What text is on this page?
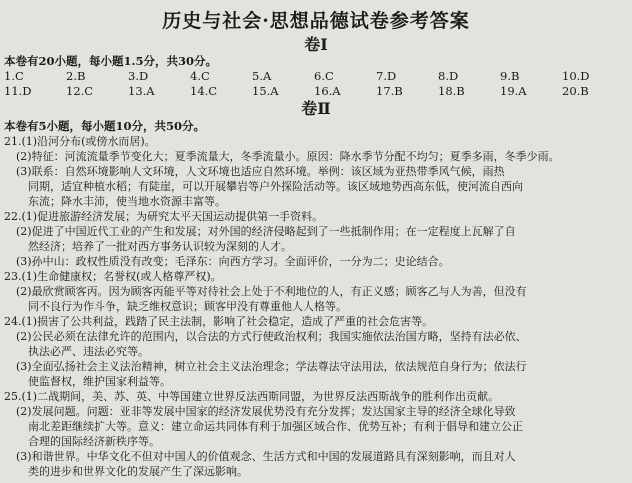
历史与社会·思想品德试卷参考答案
卷Ⅰ
本卷有20小题，每小题1.5分，共30分。
1.C	2.B	3.D	4.C	5.A	6.C	7.D	8.D	9.B	10.D
11.D	12.C	13.A	14.C	15.A	16.A	17.B	18.B	19.A	20.B
卷Ⅱ
本卷有5小题，每小题10分，共50分。
21.(1)沿河分布(或傍水而居)。
(2)特征：河流流量季节变化大；夏季流量大，冬季流量小。原因：降水季节分配不均匀；夏季多雨，冬季少雨。
(3)联系：自然环境影响人文环境，人文环境也适应自然环境。举例：该区域为亚热带季风气候，雨热
同期，适宜种植水稻；有陡崖，可以开展攀岩等户外探险活动等。该区域地势西高东低，使河流自西向
东流；降水丰沛，使当地水资源丰富等。
22.(1)促进旅游经济发展；为研究太平天国运动提供第一手资料。
(2)促进了中国近代工业的产生和发展；对外国的经济侵略起到了一些抵制作用；在一定程度上瓦解了自
然经济；培养了一批对西方事务认识较为深刻的人才。
(3)孙中山：政权性质没有改变；毛泽东：向西方学习。全面评价，一分为二；史论结合。
23.(1)生命健康权；名誉权(或人格尊严权)。
(2)最欣赏顾客丙。因为顾客丙能平等对待社会上处于不利地位的人，有正义感；顾客乙与人为善，但没有
同不良行为作斗争，缺乏维权意识；顾客甲没有尊重他人人格等。
24.(1)损害了公共利益，践踏了民主法制，影响了社会稳定，造成了严重的社会危害等。
(2)公民必须在法律允许的范围内，以合法的方式行使政治权利；我国实施依法治国方略，坚持有法必依、
执法必严、违法必究等。
(3)全面弘扬社会主义法治精神，树立社会主义法治理念；学法尊法守法用法，依法规范自身行为；依法行
使监督权，维护国家利益等。
25.(1)二战期间，美、苏、英、中等国建立世界反法西斯同盟，为世界反法西斯战争的胜利作出贡献。
(2)发展问题。问题：亚非等发展中国家的经济发展优势没有充分发挥；发达国家主导的经济全球化导致
南北差距继续扩大等。意义：建立命运共同体有利于加强区域合作、优势互补；有利于倡导和建立公正
合理的国际经济新秩序等。
(3)和谐世界。中华文化不但对中国人的价值观念、生活方式和中国的发展道路具有深刻影响，而且对人
类的进步和世界文化的发展产生了深远影响。
